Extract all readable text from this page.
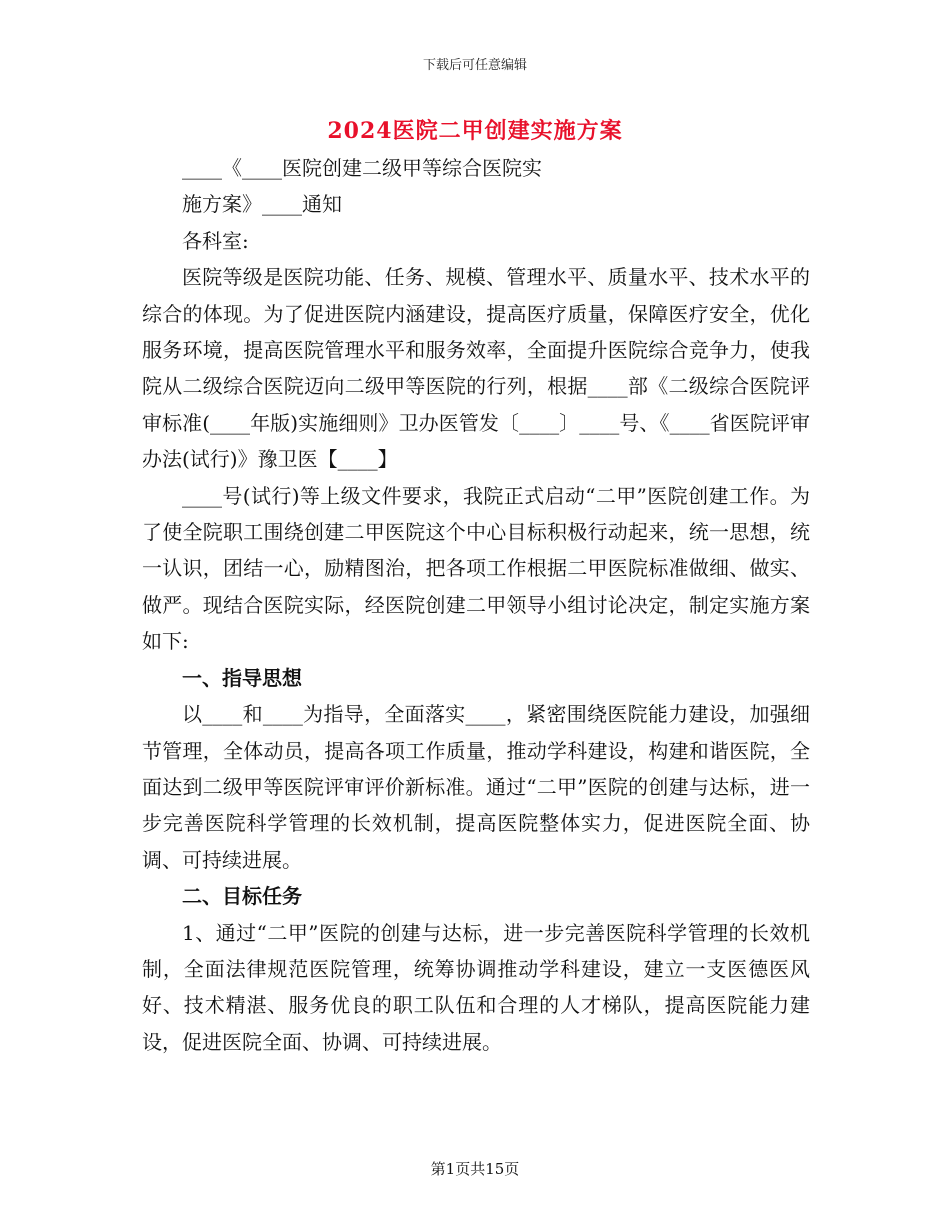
下载后可任意编辑
2024医院二甲创建实施方案

____《____医院创建二级甲等综合医院实

施方案》____通知

各科室:

医院等级是医院功能、任务、规模、管理水平、质量水平、技术水平的综合的体现。为了促进医院内涵建设，提高医疗质量，保障医疗安全，优化服务环境，提高医院管理水平和服务效率，全面提升医院综合竞争力，使我院从二级综合医院迈向二级甲等医院的行列，根据____部《二级综合医院评审标准(____年版)实施细则》卫办医管发〔____〕____号、《____省医院评审办法(试行)》豫卫医【____】

____号(试行)等上级文件要求，我院正式启动“二甲”医院创建工作。为了使全院职工围绕创建二甲医院这个中心目标积极行动起来，统一思想，统一认识，团结一心，励精图治，把各项工作根据二甲医院标准做细、做实、做严。现结合医院实际，经医院创建二甲领导小组讨论决定，制定实施方案如下:

一、指导思想

以____和____为指导，全面落实____，紧密围绕医院能力建设，加强细节管理，全体动员，提高各项工作质量，推动学科建设，构建和谐医院，全面达到二级甲等医院评审评价新标准。通过“二甲”医院的创建与达标，进一步完善医院科学管理的长效机制，提高医院整体实力，促进医院全面、协调、可持续进展。

二、目标任务

1、通过“二甲”医院的创建与达标，进一步完善医院科学管理的长效机制，全面法律规范医院管理，统筹协调推动学科建设，建立一支医德医风好、技术精湛、服务优良的职工队伍和合理的人才梯队，提高医院能力建设，促进医院全面、协调、可持续进展。

第1页共15页
